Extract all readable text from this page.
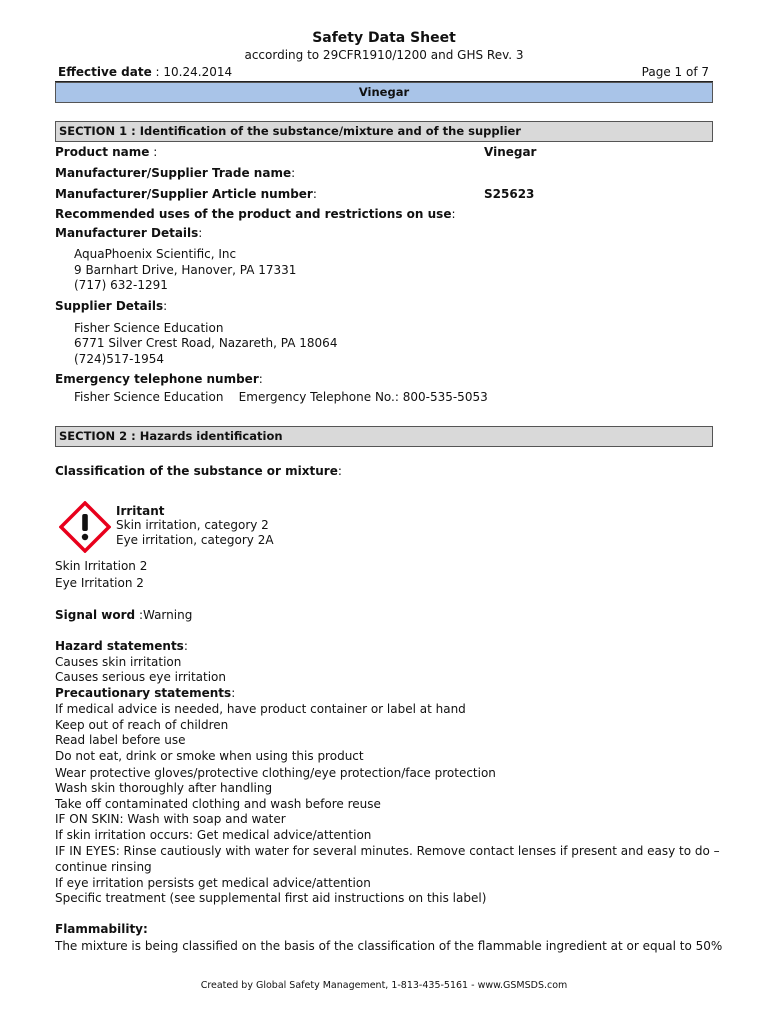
Safety Data Sheet
according to 29CFR1910/1200 and GHS Rev. 3
Effective date : 10.24.2014	Page 1 of 7
Vinegar
SECTION 1 : Identification of the substance/mixture and of the supplier
Product name :	Vinegar
Manufacturer/Supplier Trade name:
Manufacturer/Supplier Article number:	S25623
Recommended uses of the product and restrictions on use:
Manufacturer Details:
AquaPhoenix Scientific, Inc
9 Barnhart Drive, Hanover, PA 17331
(717) 632-1291
Supplier Details:
Fisher Science Education
6771 Silver Crest Road, Nazareth, PA 18064
(724)517-1954
Emergency telephone number:
Fisher Science Education    Emergency Telephone No.: 800-535-5053
SECTION 2 : Hazards identification
Classification of the substance or mixture:
Irritant
Skin irritation, category 2
Eye irritation, category 2A
Skin Irritation 2
Eye Irritation 2
Signal word :Warning
Hazard statements:
Causes skin irritation
Causes serious eye irritation
Precautionary statements:
If medical advice is needed, have product container or label at hand
Keep out of reach of children
Read label before use
Do not eat, drink or smoke when using this product
Wear protective gloves/protective clothing/eye protection/face protection
Wash skin thoroughly after handling
Take off contaminated clothing and wash before reuse
IF ON SKIN: Wash with soap and water
If skin irritation occurs: Get medical advice/attention
IF IN EYES: Rinse cautiously with water for several minutes. Remove contact lenses if present and easy to do –
continue rinsing
If eye irritation persists get medical advice/attention
Specific treatment (see supplemental first aid instructions on this label)
Flammability:
The mixture is being classified on the basis of the classification of the flammable ingredient at or equal to 50%
Created by Global Safety Management, 1-813-435-5161 - www.GSMSDS.com
